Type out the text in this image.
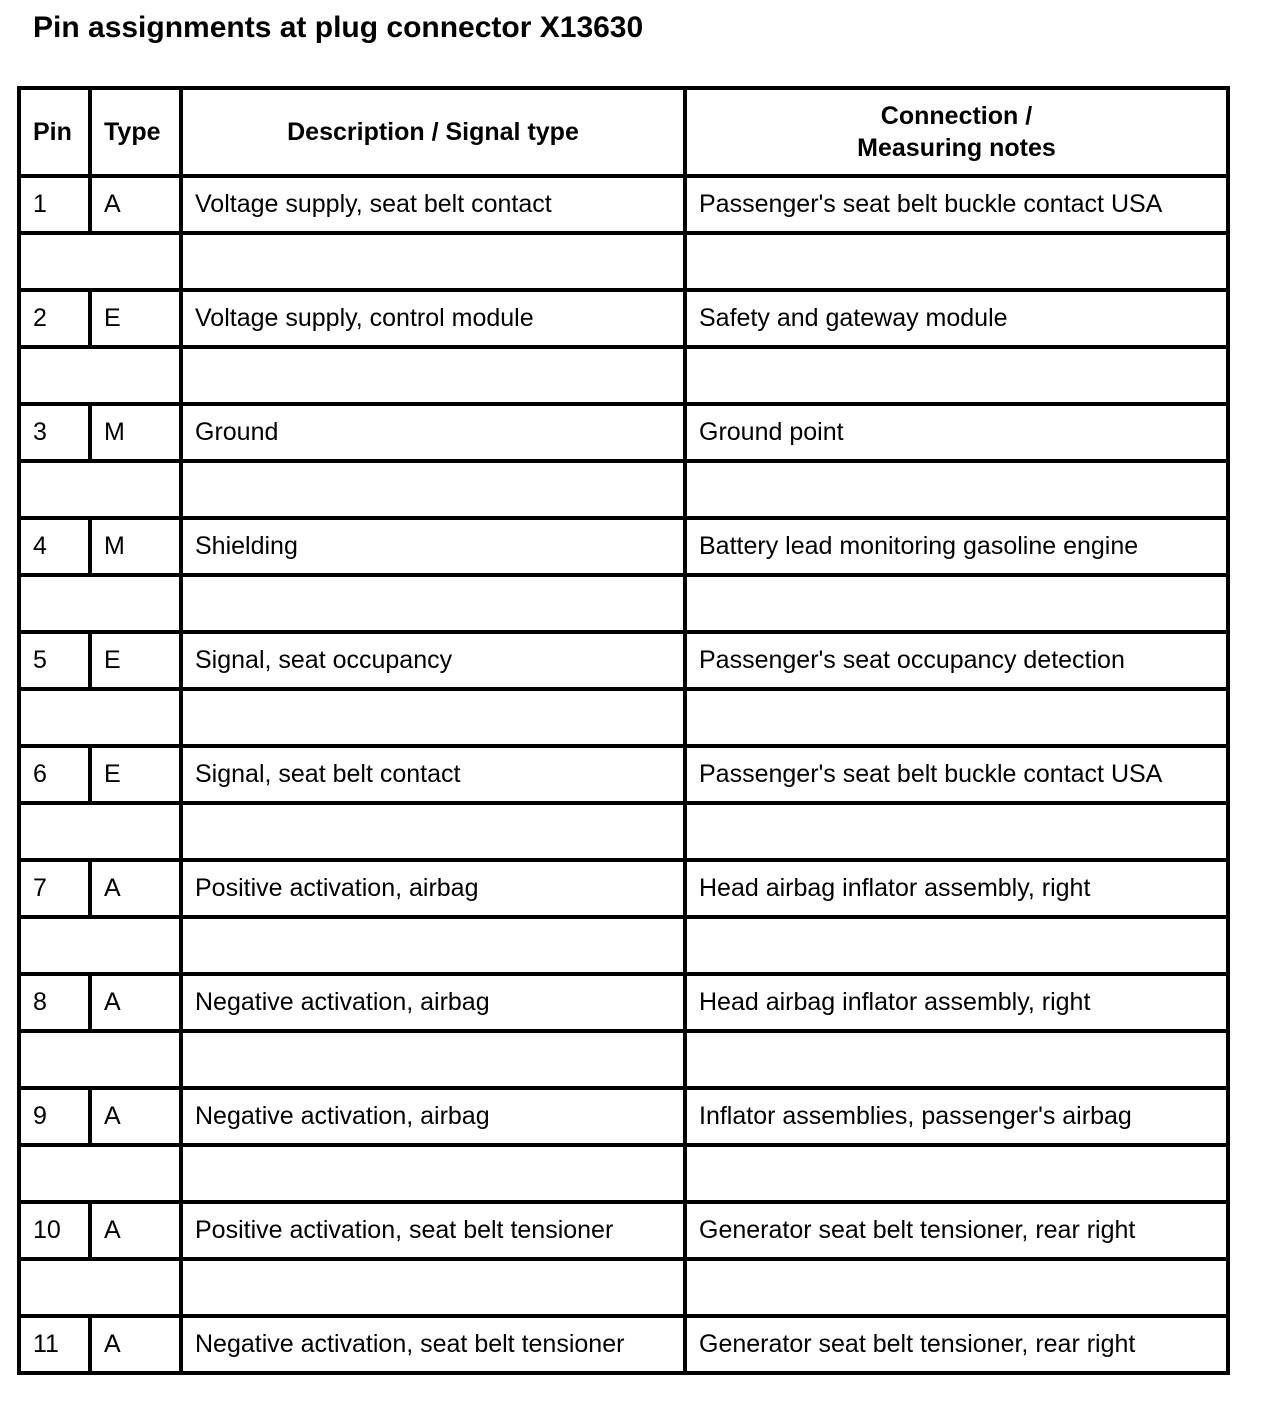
Pin assignments at plug connector X13630
Pin	Type	Description / Signal type	Connection / Measuring notes
1	A	Voltage supply, seat belt contact	Passenger's seat belt buckle contact USA

2	E	Voltage supply, control module	Safety and gateway module

3	M	Ground	Ground point

4	M	Shielding	Battery lead monitoring gasoline engine

5	E	Signal, seat occupancy	Passenger's seat occupancy detection

6	E	Signal, seat belt contact	Passenger's seat belt buckle contact USA

7	A	Positive activation, airbag	Head airbag inflator assembly, right

8	A	Negative activation, airbag	Head airbag inflator assembly, right

9	A	Negative activation, airbag	Inflator assemblies, passenger's airbag

10	A	Positive activation, seat belt tensioner	Generator seat belt tensioner, rear right

11	A	Negative activation, seat belt tensioner	Generator seat belt tensioner, rear right
